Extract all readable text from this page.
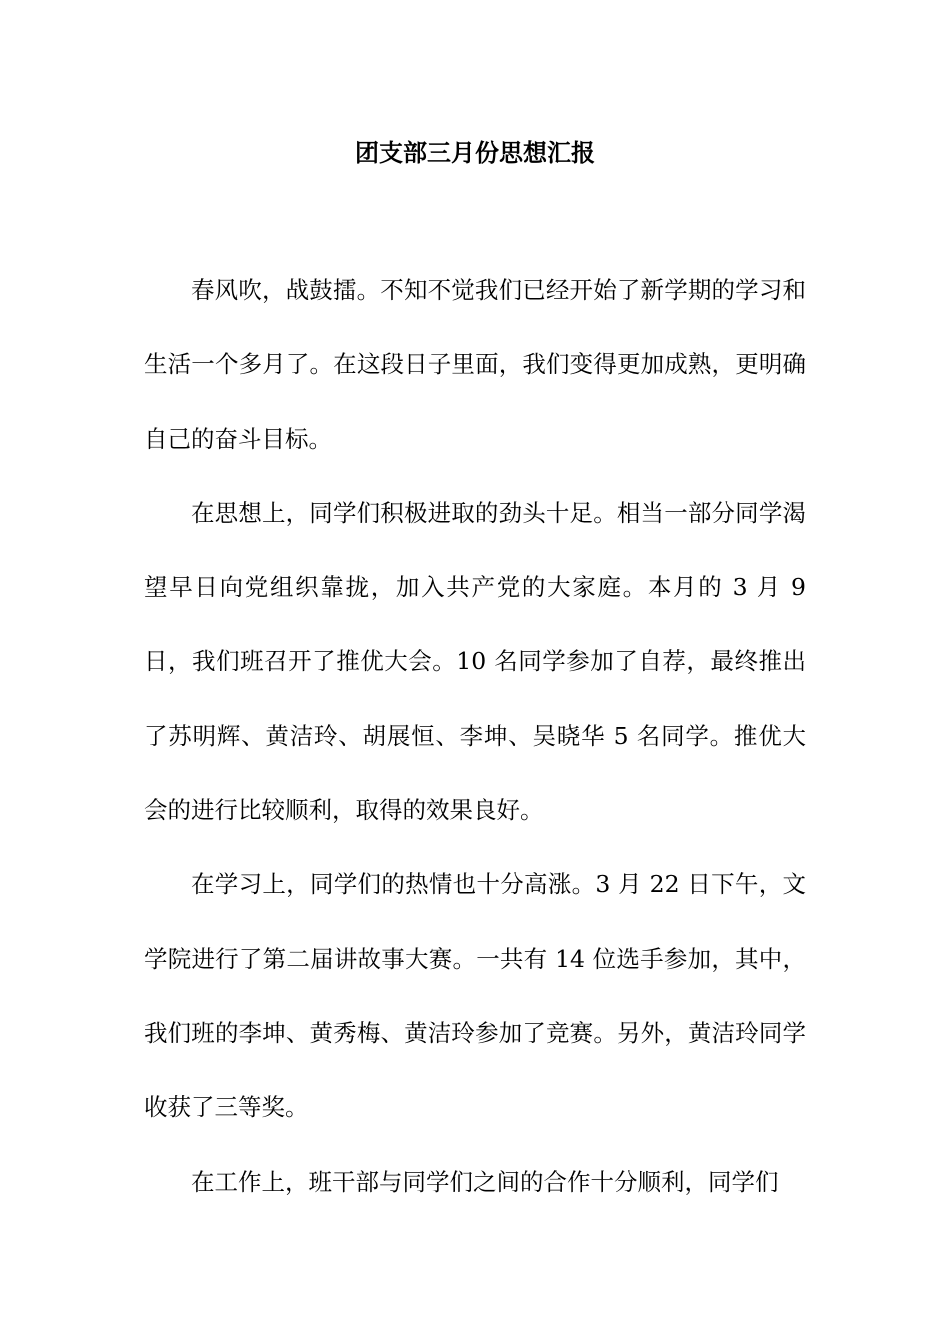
团支部三月份思想汇报

春风吹，战鼓擂。不知不觉我们已经开始了新学期的学习和生活一个多月了。在这段日子里面，我们变得更加成熟，更明确自己的奋斗目标。

在思想上，同学们积极进取的劲头十足。相当一部分同学渴望早日向党组织靠拢，加入共产党的大家庭。本月的 3 月 9 日，我们班召开了推优大会。10 名同学参加了自荐，最终推出了苏明辉、黄洁玲、胡展恒、李坤、吴晓华 5 名同学。推优大会的进行比较顺利，取得的效果良好。

在学习上，同学们的热情也十分高涨。3 月 22 日下午，文学院进行了第二届讲故事大赛。一共有 14 位选手参加，其中，我们班的李坤、黄秀梅、黄洁玲参加了竞赛。另外，黄洁玲同学收获了三等奖。

在工作上，班干部与同学们之间的合作十分顺利，同学们
